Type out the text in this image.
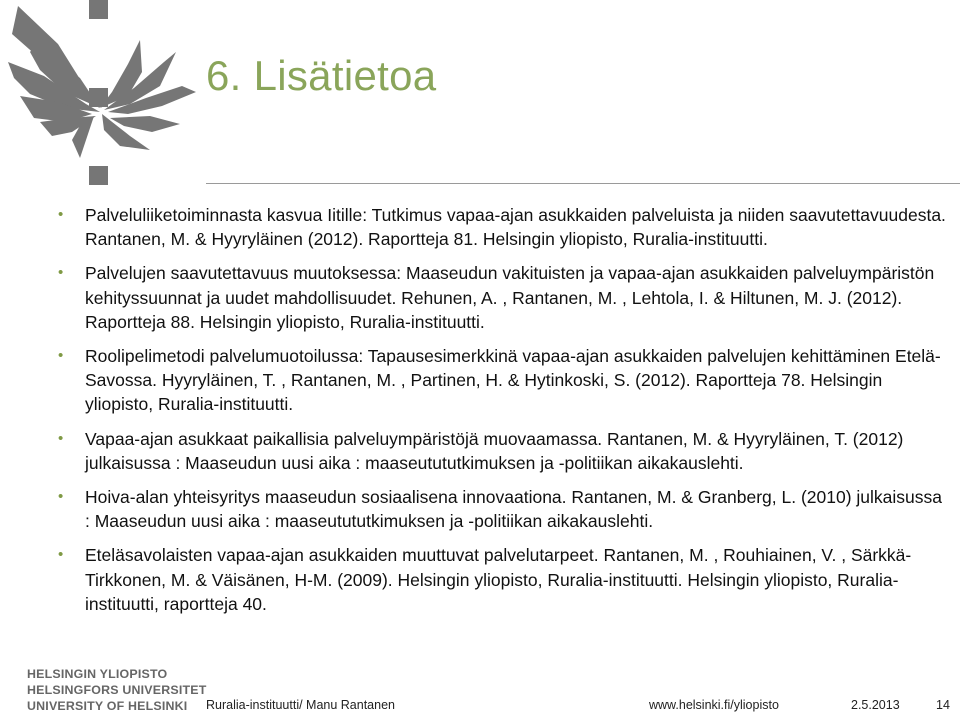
6. Lisätietoa
• Palveluliiketoiminnasta kasvua Iitille: Tutkimus vapaa-ajan asukkaiden palveluista ja niiden saavutettavuudesta. Rantanen, M. & Hyyryläinen (2012). Raportteja 81. Helsingin yliopisto, Ruralia-instituutti.
• Palvelujen saavutettavuus muutoksessa: Maaseudun vakituisten ja vapaa-ajan asukkaiden palveluympäristön kehityssuunnat ja uudet mahdollisuudet. Rehunen, A. , Rantanen, M. , Lehtola, I. & Hiltunen, M. J. (2012). Raportteja 88. Helsingin yliopisto, Ruralia-instituutti.
• Roolipelimetodi palvelumuotoilussa: Tapausesimerkkinä vapaa-ajan asukkaiden palvelujen kehittäminen Etelä-Savossa. Hyyryläinen, T. , Rantanen, M. , Partinen, H. & Hytinkoski, S. (2012). Raportteja 78. Helsingin yliopisto, Ruralia-instituutti.
• Vapaa-ajan asukkaat paikallisia palveluympäristöjä muovaamassa. Rantanen, M. & Hyyryläinen, T. (2012) julkaisussa : Maaseudun uusi aika : maaseutututkimuksen ja -politiikan aikakauslehti.
• Hoiva-alan yhteisyritys maaseudun sosiaalisena innovaationa. Rantanen, M. & Granberg, L. (2010) julkaisussa : Maaseudun uusi aika : maaseutututkimuksen ja -politiikan aikakauslehti.
• Eteläsavolaisten vapaa-ajan asukkaiden muuttuvat palvelutarpeet. Rantanen, M. , Rouhiainen, V. , Särkkä-Tirkkonen, M. & Väisänen, H-M. (2009). Helsingin yliopisto, Ruralia-instituutti. Helsingin yliopisto, Ruralia-instituutti, raportteja 40.
HELSINGIN YLIOPISTO
HELSINGFORS UNIVERSITET
UNIVERSITY OF HELSINKI	Ruralia-instituutti/ Manu Rantanen	www.helsinki.fi/yliopisto	2.5.2013	14
